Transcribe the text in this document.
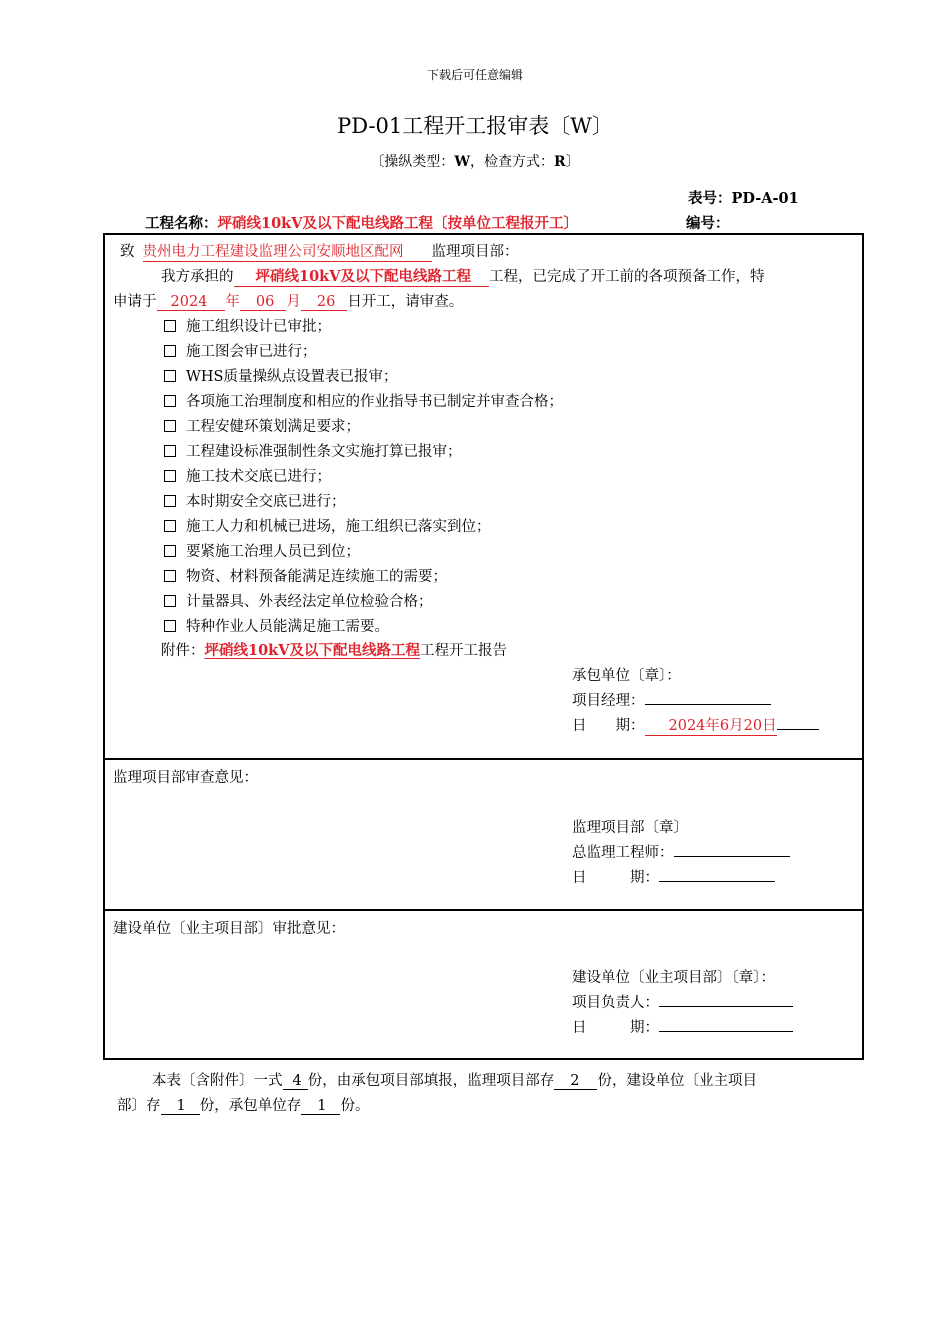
下载后可任意编辑
PD-01工程开工报审表〔W〕
〔操纵类型：W，检查方式：R〕
表号：PD-A-01
工程名称：坪硝线10kV及以下配电线路工程〔按单位工程报开工〕	编号：
致 贵州电力工程建设监理公司安顺地区配网 监理项目部：
我方承担的 坪硝线10kV及以下配电线路工程 工程，已完成了开工前的各项预备工作，特
申请于 2024 年 06 月 26 日开工，请审查。
施工组织设计已审批；
施工图会审已进行；
WHS质量操纵点设置表已报审；
各项施工治理制度和相应的作业指导书已制定并审查合格；
工程安健环策划满足要求；
工程建设标准强制性条文实施打算已报审；
施工技术交底已进行；
本时期安全交底已进行；
施工人力和机械已进场，施工组织已落实到位；
要紧施工治理人员已到位；
物资、材料预备能满足连续施工的需要；
计量器具、外表经法定单位检验合格；
特种作业人员能满足施工需要。
附件：坪硝线10kV及以下配电线路工程工程开工报告
承包单位〔章〕：
项目经理：
日　　期： 2024年6月20日
监理项目部审查意见：
监理项目部〔章〕
总监理工程师：
日　　　期：
建设单位〔业主项目部〕审批意见：
建设单位〔业主项目部〕〔章〕：
项目负责人：
日　　　期：
本表〔含附件〕一式 4 份，由承包项目部填报，监理项目部存 2 份，建设单位〔业主项目
部〕存 1 份，承包单位存 1 份。
